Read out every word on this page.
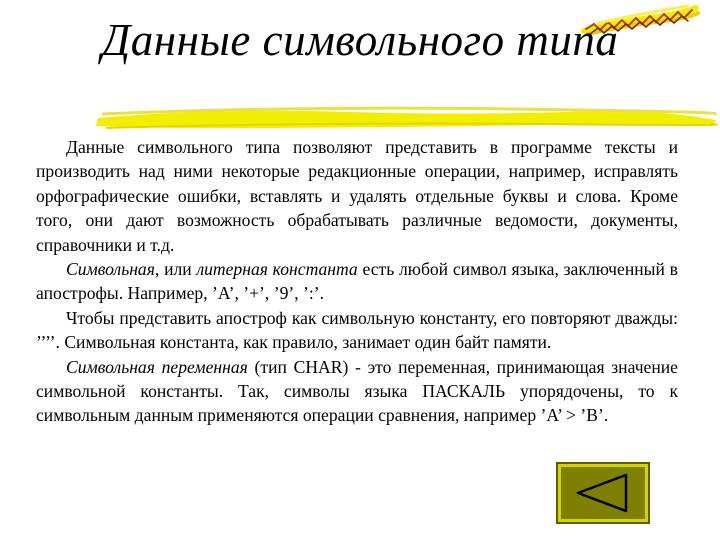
Данные символьного типа

Данные символьного типа позволяют представить в программе тексты и производить над ними некоторые редакционные операции, например, исправлять орфографические ошибки, вставлять и удалять отдельные буквы и слова. Кроме того, они дают возможность обрабатывать различные ведомости, документы, справочники и т.д.

Символьная, или литерная константа есть любой символ языка, заключенный в апострофы. Например, ’A’, ’+’, ’9’, ’:’.

Чтобы представить апостроф как символьную константу, его повторяют дважды: ’’’’. Символьная константа, как правило, занимает один байт памяти.

Символьная переменная (тип CHAR) - это переменная, принимающая значение символьной константы. Так, символы языка ПАСКАЛЬ упорядочены, то к символьным данным применяются операции сравнения, например ’A’ > ’B’.
